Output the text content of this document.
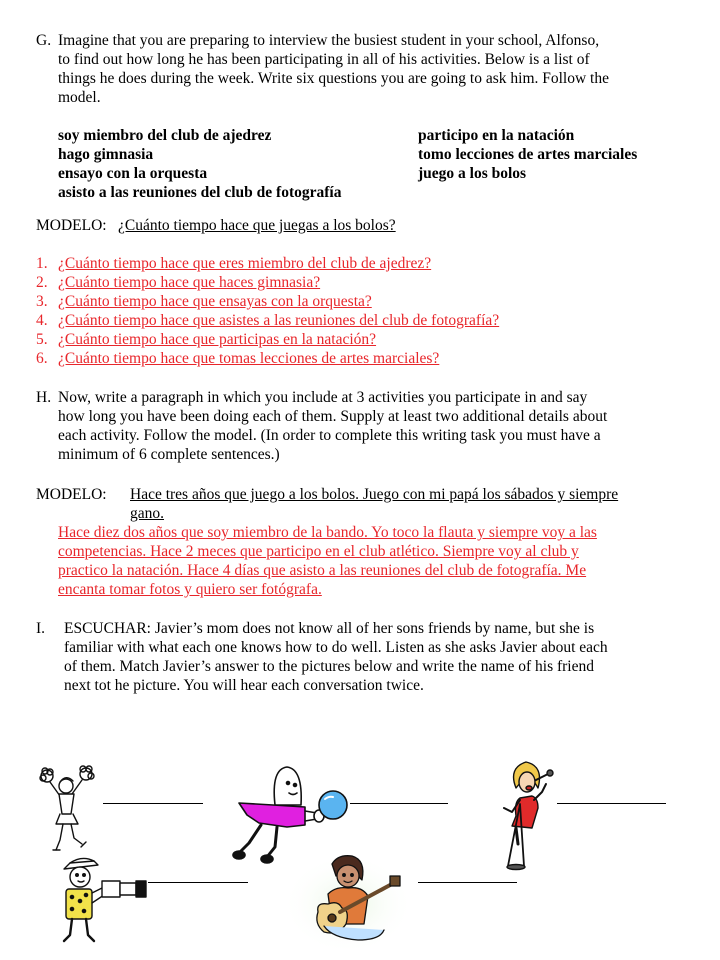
G. Imagine that you are preparing to interview the busiest student in your school, Alfonso,
to find out how long he has been participating in all of his activities. Below is a list of
things he does during the week. Write six questions you are going to ask him. Follow the
model.
soy miembro del club de ajedrez
hago gimnasia
ensayo con la orquesta
asisto a las reuniones del club de fotografía
participo en la natación
tomo lecciones de artes marciales
juego a los bolos
MODELO: ¿Cuánto tiempo hace que juegas a los bolos?
1. ¿Cuánto tiempo hace que eres miembro del club de ajedrez?
2. ¿Cuánto tiempo hace que haces gimnasia?
3. ¿Cuánto tiempo hace que ensayas con la orquesta?
4. ¿Cuánto tiempo hace que asistes a las reuniones del club de fotografía?
5. ¿Cuánto tiempo hace que participas en la natación?
6. ¿Cuánto tiempo hace que tomas lecciones de artes marciales?
H. Now, write a paragraph in which you include at 3 activities you participate in and say
how long you have been doing each of them. Supply at least two additional details about
each activity. Follow the model. (In order to complete this writing task you must have a
minimum of 6 complete sentences.)
MODELO: Hace tres años que juego a los bolos. Juego con mi papá los sábados y siempre
gano.
Hace diez dos años que soy miembro de la bando. Yo toco la flauta y siempre voy a las
competencias. Hace 2 meces que participo en el club atlético. Siempre voy al club y
practico la natación. Hace 4 días que asisto a las reuniones del club de fotografía. Me
encanta tomar fotos y quiero ser fotógrafa.
I. ESCUCHAR: Javier’s mom does not know all of her sons friends by name, but she is
familiar with what each one knows how to do well. Listen as she asks Javier about each
of them. Match Javier’s answer to the pictures below and write the name of his friend
next tot he picture. You will hear each conversation twice.
